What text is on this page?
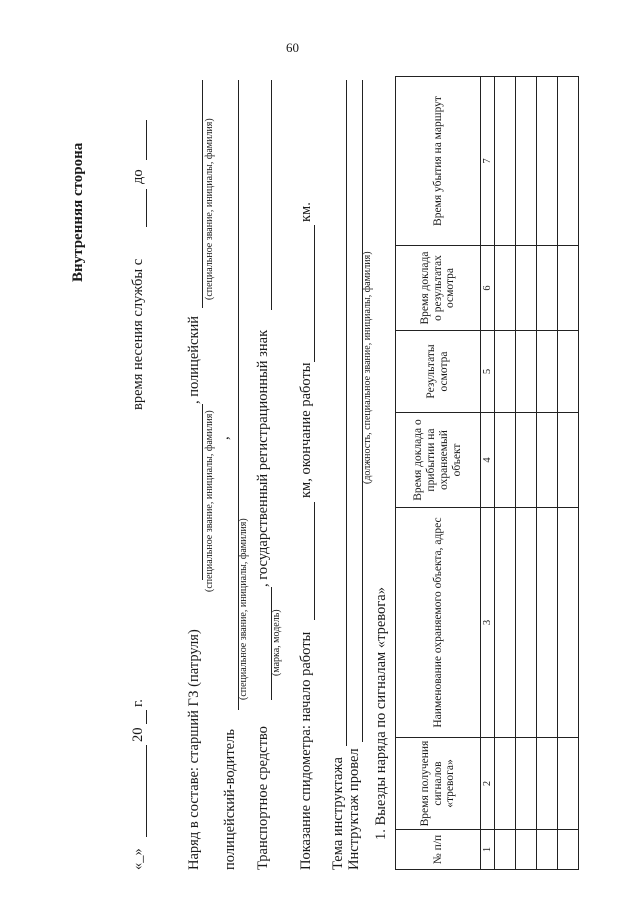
60
Внутренняя сторона
«_»
20
г.
время несения службы с
до
Наряд в составе: старший ГЗ (патруля)
, полицейский
(специальное звание, инициалы, фамилия)
(специальное звание, инициалы, фамилия)
полицейский-водитель
(специальное звание, инициалы, фамилия)
,
Транспортное средство
, государственный регистрационный знак
(марка, модель) Показание спидометра: начало работы
км, окончание работы
км.
Тема инструктажа Инструктаж провел
(должность, специальное звание, инициалы, фамилия)
1. Выезды наряда по сигналам «тревога»
№ п/п	Время получения сигналов «тревога»	Наименование охраняемого объекта, адрес	Время доклада о прибытии на охраняемый объект	Результаты осмотра	Время доклада о результатах осмотра	Время убытия на маршрут
1	2	3	4	5	6	7
